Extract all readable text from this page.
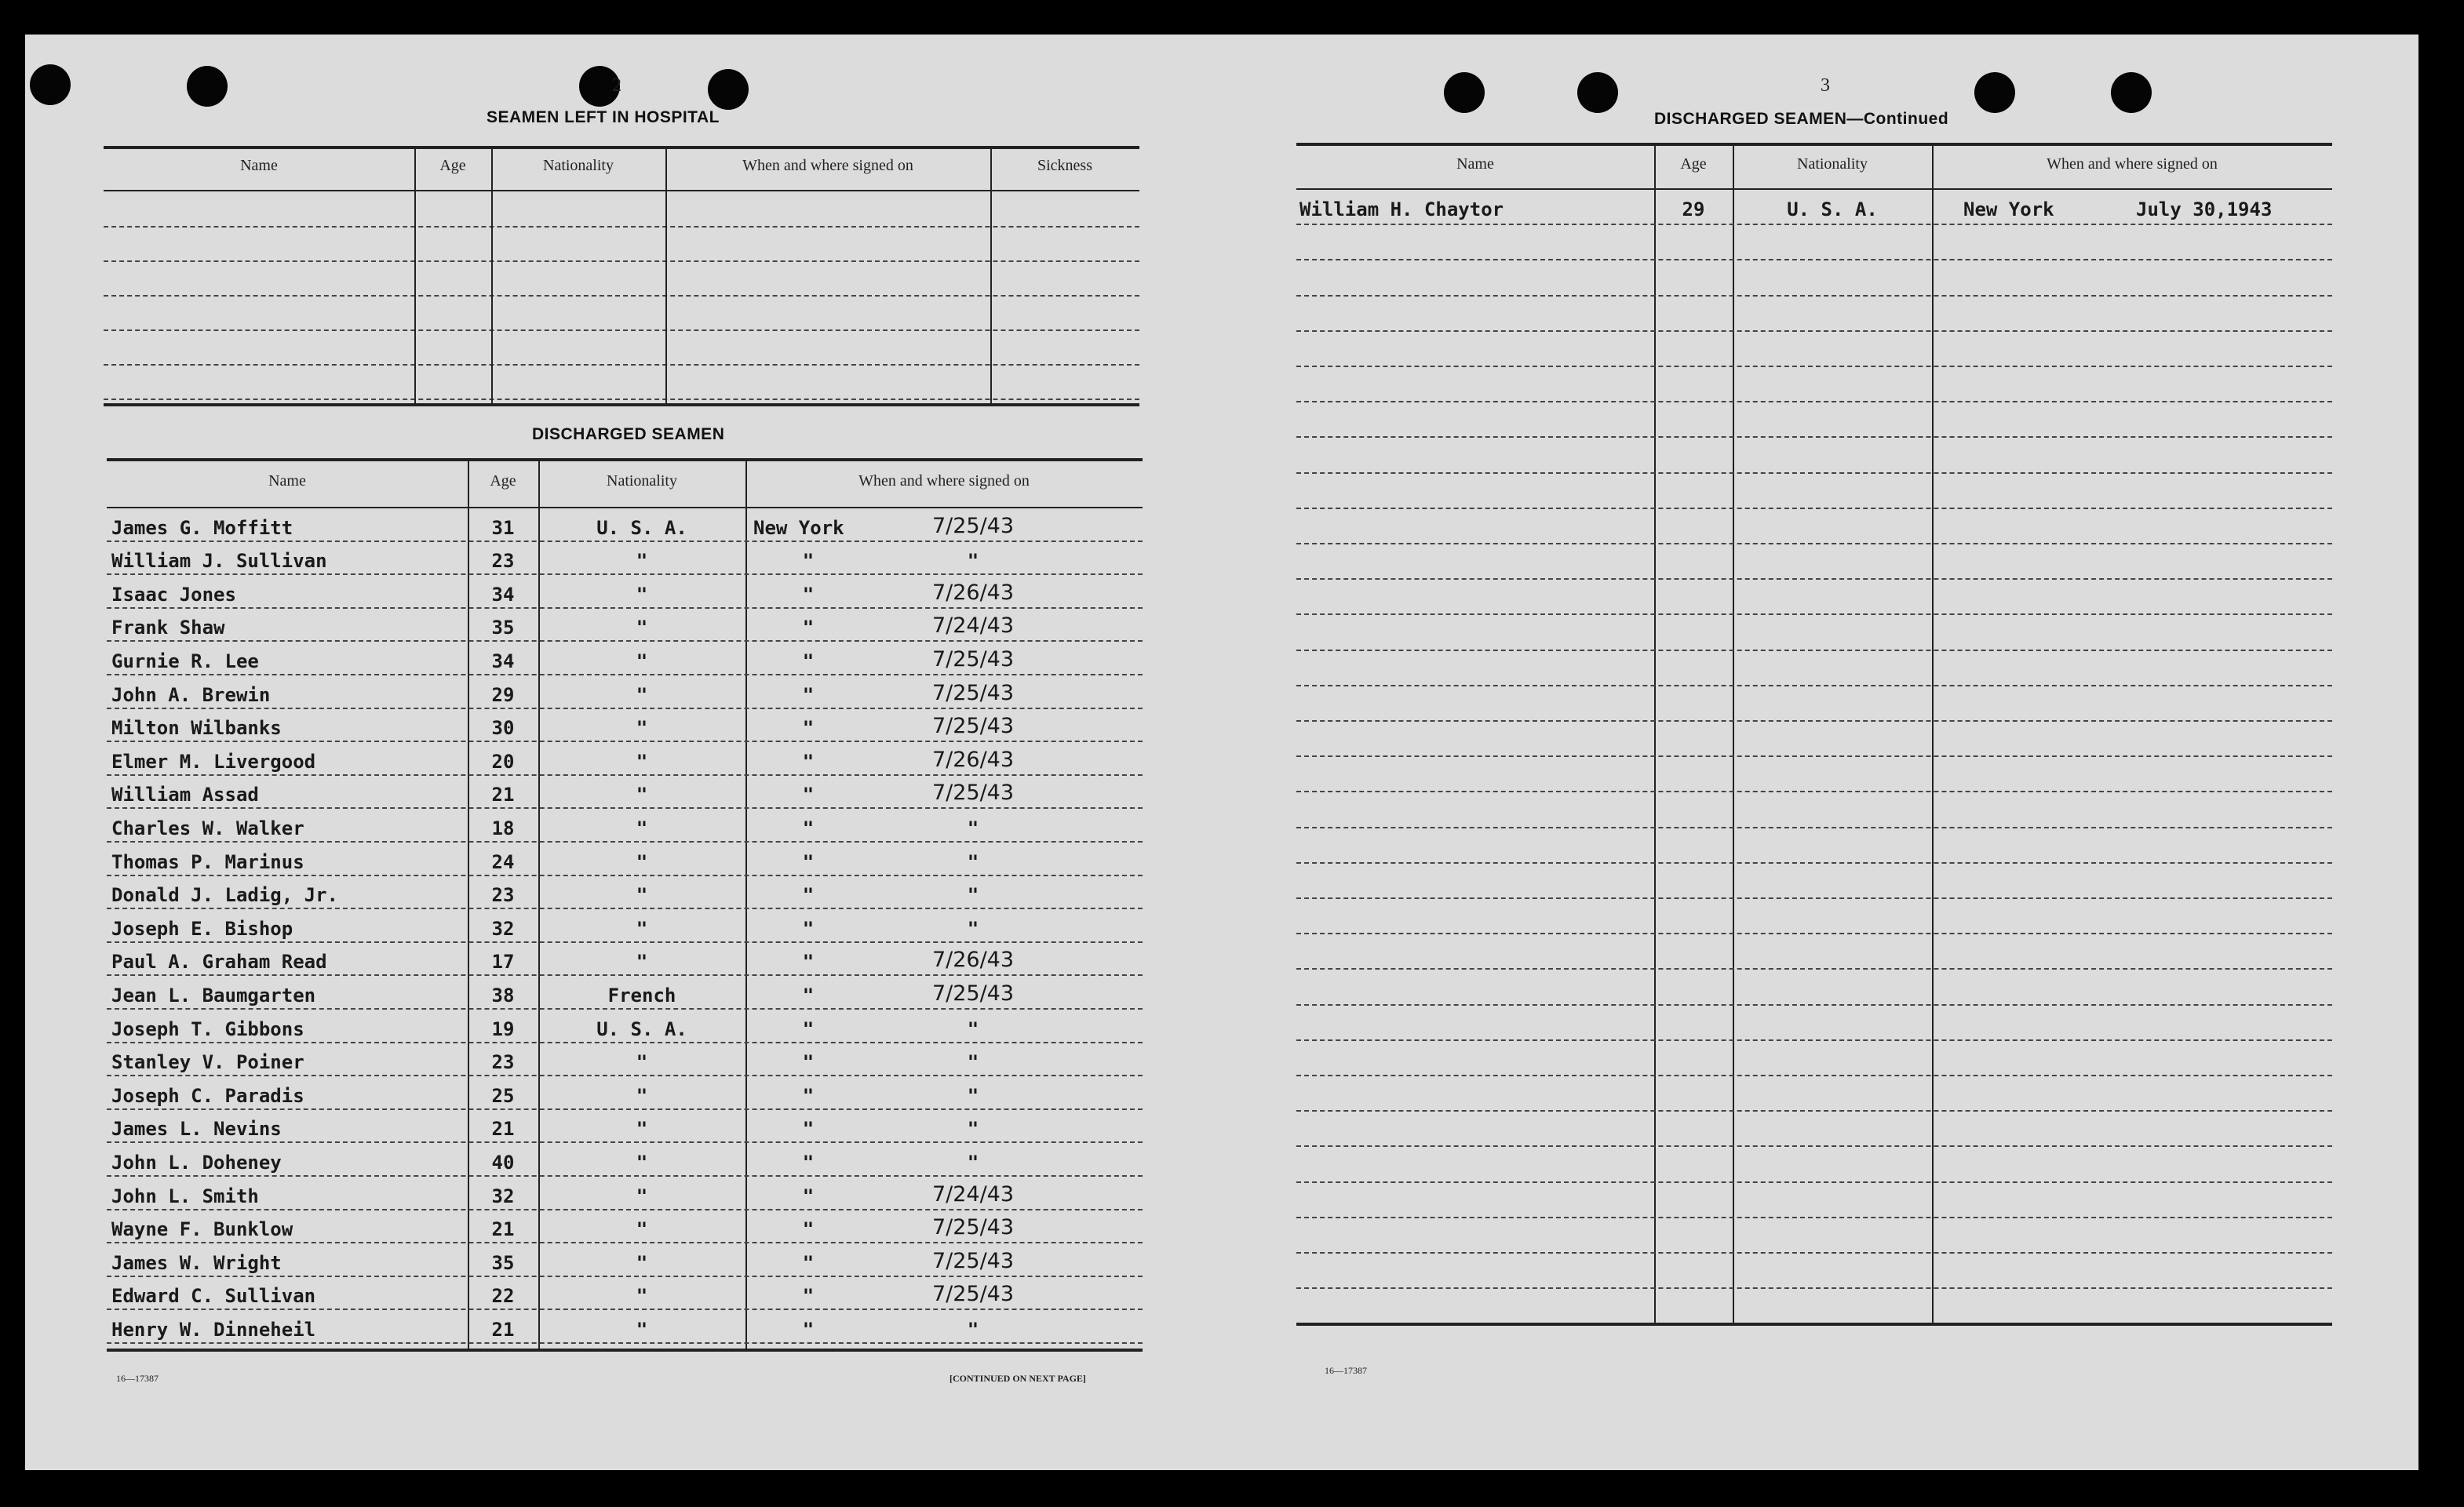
2
SEAMEN LEFT IN HOSPITAL
Name	Age	Nationality	When and where signed on	Sickness
DISCHARGED SEAMEN
Name	Age	Nationality	When and where signed on
James G. Moffitt	31	U. S. A.	New York	7/25/43
William J. Sullivan	23	"	"	"
Isaac Jones	34	"	"	7/26/43
Frank Shaw	35	"	"	7/24/43
Gurnie R. Lee	34	"	"	7/25/43
John A. Brewin	29	"	"	7/25/43
Milton Wilbanks	30	"	"	7/25/43
Elmer M. Livergood	20	"	"	7/26/43
William Assad	21	"	"	7/25/43
Charles W. Walker	18	"	"	"
Thomas P. Marinus	24	"	"	"
Donald J. Ladig, Jr.	23	"	"	"
Joseph E. Bishop	32	"	"	"
Paul A. Graham Read	17	"	"	7/26/43
Jean L. Baumgarten	38	French	"	7/25/43
Joseph T. Gibbons	19	U. S. A.	"	"
Stanley V. Poiner	23	"	"	"
Joseph C. Paradis	25	"	"	"
James L. Nevins	21	"	"	"
John L. Doheney	40	"	"	"
John L. Smith	32	"	"	7/24/43
Wayne F. Bunklow	21	"	"	7/25/43
James W. Wright	35	"	"	7/25/43
Edward C. Sullivan	22	"	"	7/25/43
Henry W. Dinneheil	21	"	"	"
16—17387	[CONTINUED ON NEXT PAGE]
3
DISCHARGED SEAMEN—Continued
Name	Age	Nationality	When and where signed on
William H. Chaytor	29	U. S. A.	New York	July 30,1943
16—17387
